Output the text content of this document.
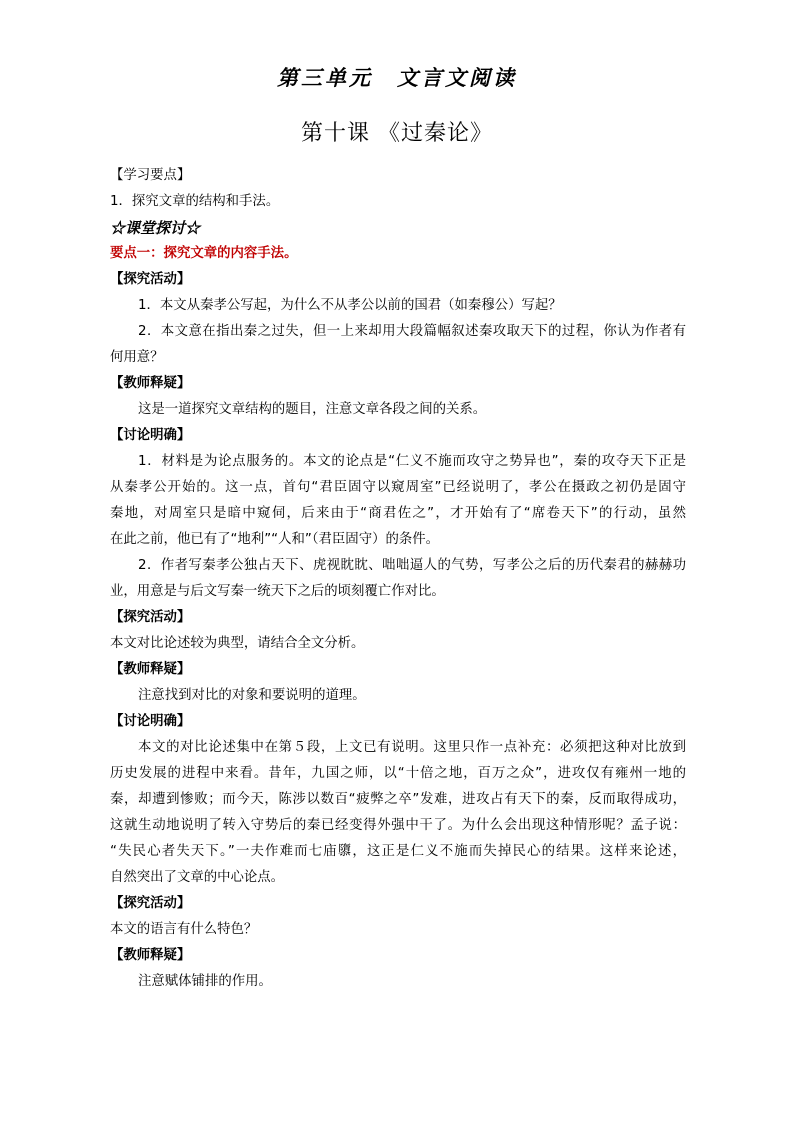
第三单元　文言文阅读
第十课 《过秦论》
【学习要点】
1．探究文章的结构和手法。
☆课堂探讨☆
要点一：探究文章的内容手法。
【探究活动】
1．本文从秦孝公写起，为什么不从孝公以前的国君（如秦穆公）写起？
2．本文意在指出秦之过失，但一上来却用大段篇幅叙述秦攻取天下的过程，你认为作者有
何用意？
【教师释疑】
这是一道探究文章结构的题目，注意文章各段之间的关系。
【讨论明确】
1．材料是为论点服务的。本文的论点是“仁义不施而攻守之势异也”，秦的攻夺天下正是
从秦孝公开始的。这一点，首句“君臣固守以窥周室”已经说明了，孝公在摄政之初仍是固守
秦地，对周室只是暗中窥伺，后来由于“商君佐之”，才开始有了“席卷天下”的行动，虽然
在此之前，他已有了“地利”“人和”（君臣固守）的条件。
2．作者写秦孝公独占天下、虎视眈眈、咄咄逼人的气势，写孝公之后的历代秦君的赫赫功
业，用意是与后文写秦一统天下之后的顷刻覆亡作对比。
【探究活动】
本文对比论述较为典型，请结合全文分析。
【教师释疑】
注意找到对比的对象和要说明的道理。
【讨论明确】
本文的对比论述集中在第５段，上文已有说明。这里只作一点补充：必须把这种对比放到
历史发展的进程中来看。昔年，九国之师，以“十倍之地，百万之众”，进攻仅有雍州一地的
秦，却遭到惨败；而今天，陈涉以数百“疲弊之卒”发难，进攻占有天下的秦，反而取得成功，
这就生动地说明了转入守势后的秦已经变得外强中干了。为什么会出现这种情形呢？孟子说：
“失民心者失天下。”一夫作难而七庙隳，这正是仁义不施而失掉民心的结果。这样来论述，
自然突出了文章的中心论点。
【探究活动】
本文的语言有什么特色？
【教师释疑】
注意赋体铺排的作用。
